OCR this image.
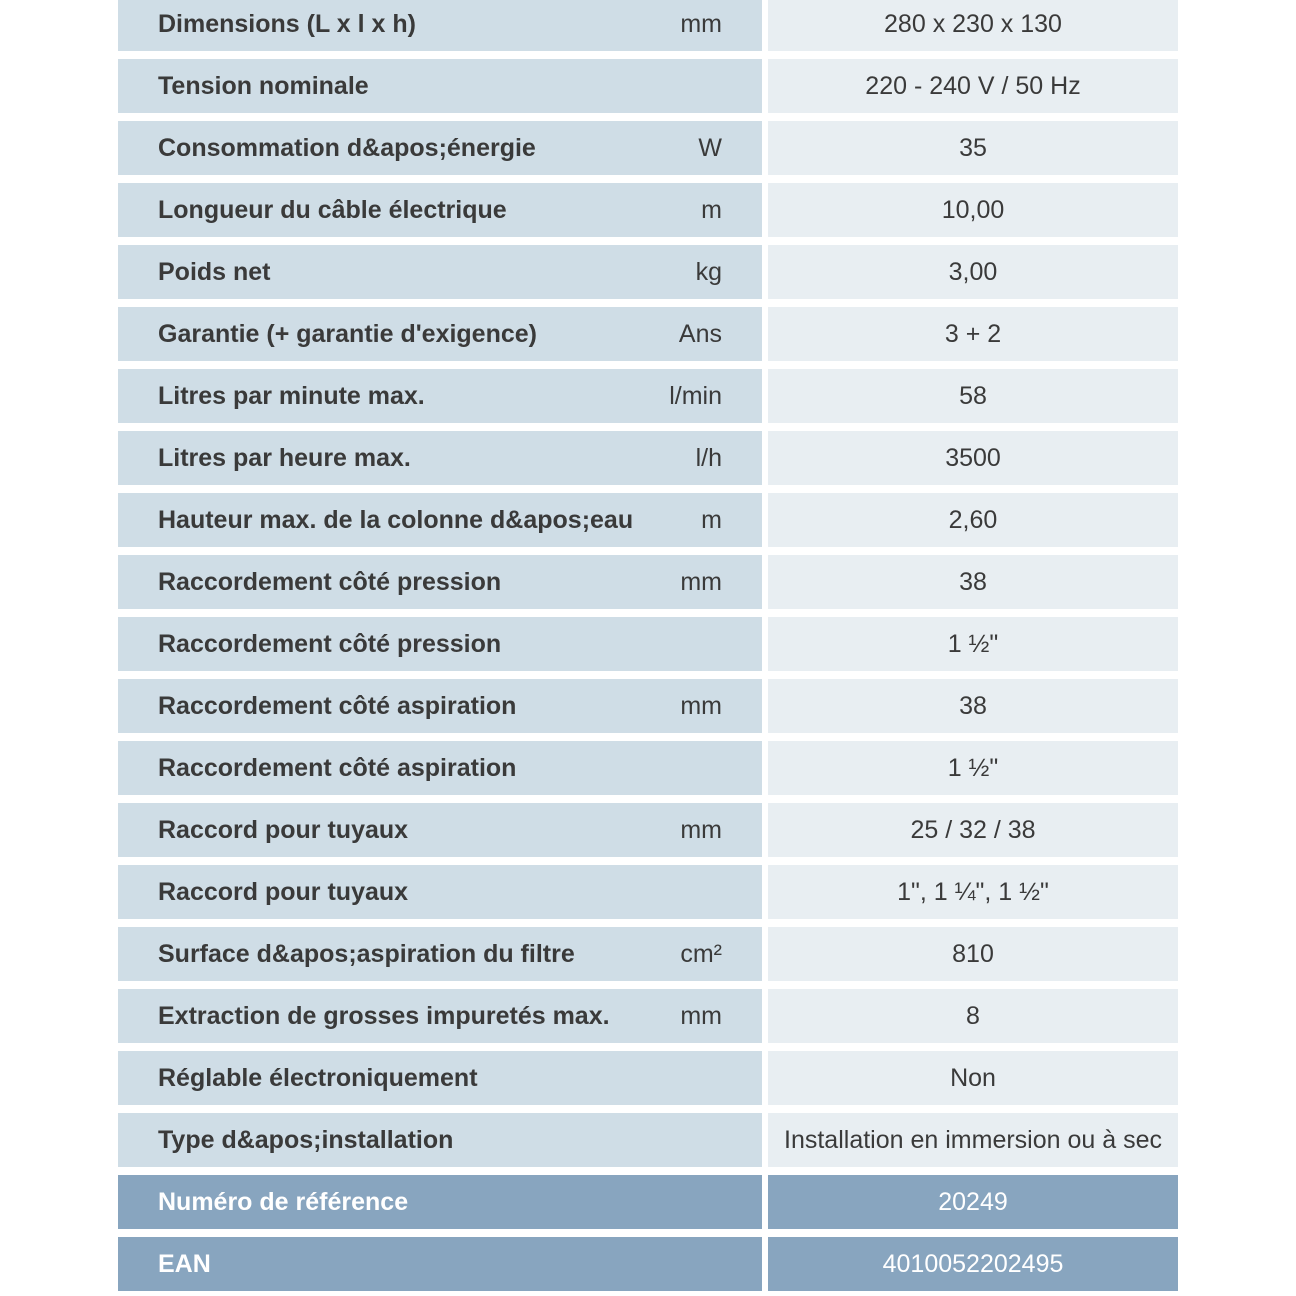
Dimensions (L x l x h)	mm	280 x 230 x 130
Tension nominale	220 - 240 V / 50 Hz
Consommation d&apos;énergie	W	35
Longueur du câble électrique	m	10,00
Poids net	kg	3,00
Garantie (+ garantie d'exigence)	Ans	3 + 2
Litres par minute max.	l/min	58
Litres par heure max.	l/h	3500
Hauteur max. de la colonne d&apos;eau	m	2,60
Raccordement côté pression	mm	38
Raccordement côté pression	1 ½"
Raccordement côté aspiration	mm	38
Raccordement côté aspiration	1 ½"
Raccord pour tuyaux	mm	25 / 32 / 38
Raccord pour tuyaux	1", 1 ¼", 1 ½"
Surface d&apos;aspiration du filtre	cm²	810
Extraction de grosses impuretés max.	mm	8
Réglable électroniquement	Non
Type d&apos;installation	Installation en immersion ou à sec
Numéro de référence	20249
EAN	4010052202495
